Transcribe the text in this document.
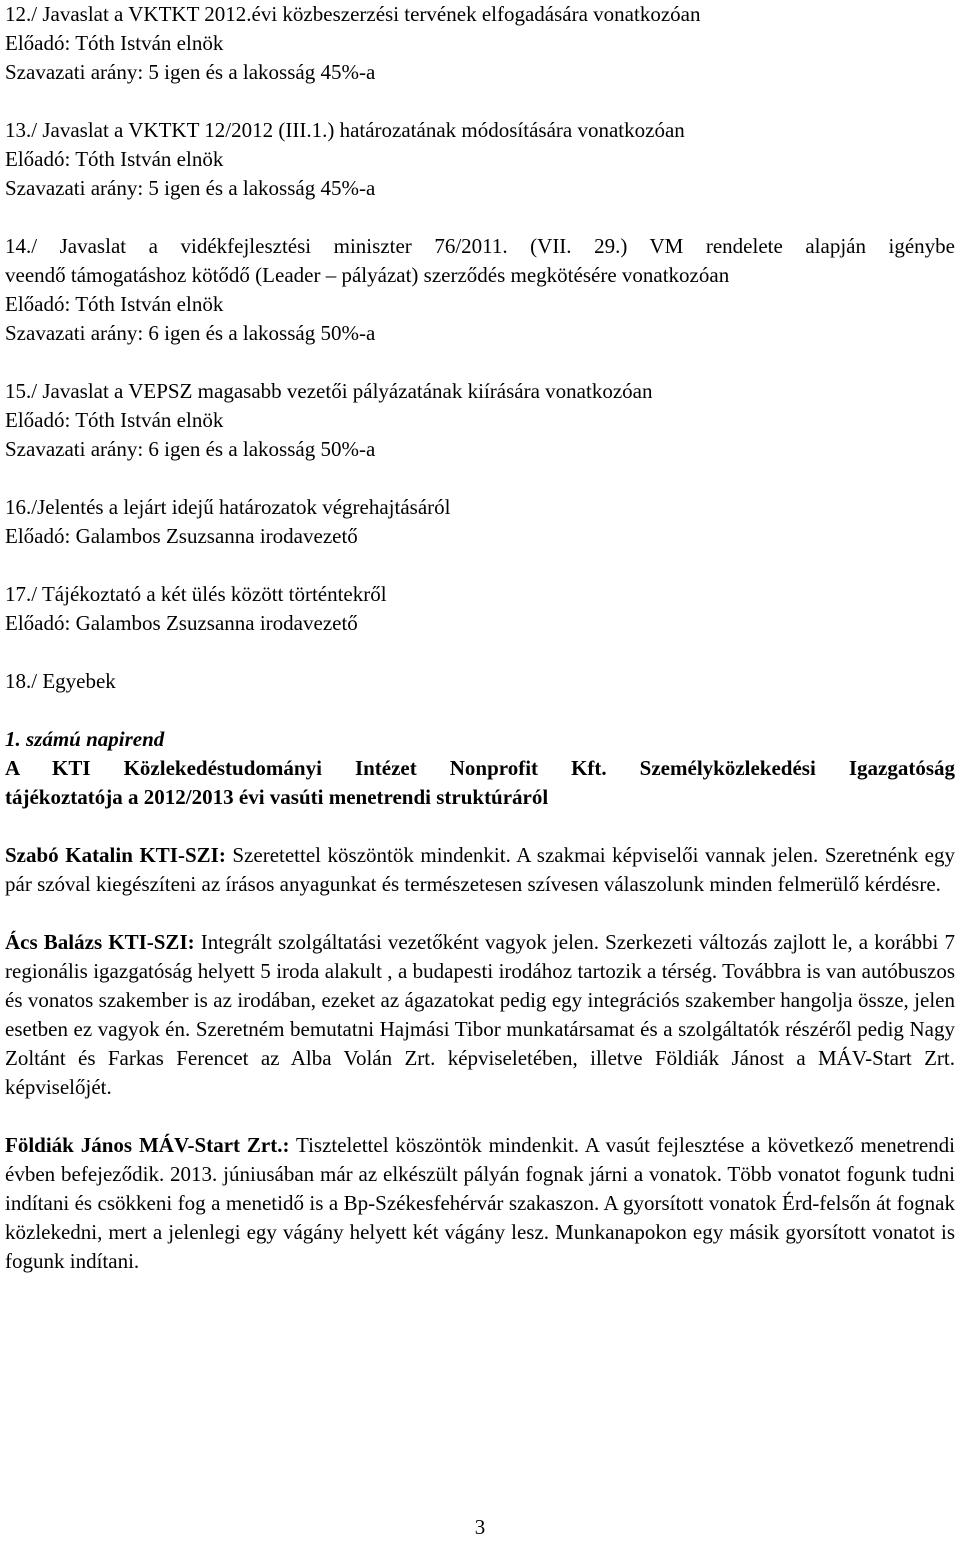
12./ Javaslat a VKTKT 2012.évi közbeszerzési tervének elfogadására vonatkozóan
Előadó: Tóth István elnök
Szavazati arány: 5 igen és a lakosság 45%-a
13./ Javaslat a VKTKT 12/2012 (III.1.) határozatának módosítására vonatkozóan
Előadó: Tóth István elnök
Szavazati arány: 5 igen és a lakosság 45%-a
14./ Javaslat a vidékfejlesztési miniszter 76/2011. (VII. 29.) VM rendelete alapján igénybe
veendő támogatáshoz kötődő (Leader – pályázat) szerződés megkötésére vonatkozóan
Előadó: Tóth István elnök
Szavazati arány: 6 igen és a lakosság 50%-a
15./ Javaslat a VEPSZ magasabb vezetői pályázatának kiírására vonatkozóan
Előadó: Tóth István elnök
Szavazati arány: 6 igen és a lakosság 50%-a
16./Jelentés a lejárt idejű határozatok végrehajtásáról
Előadó: Galambos Zsuzsanna irodavezető
17./ Tájékoztató a két ülés között történtekről
Előadó: Galambos Zsuzsanna irodavezető
18./ Egyebek
1. számú napirend
A KTI Közlekedéstudományi Intézet Nonprofit Kft. Személyközlekedési Igazgatóság
tájékoztatója a 2012/2013 évi vasúti menetrendi struktúráról

Szabó Katalin KTI-SZI: Szeretettel köszöntök mindenkit. A szakmai képviselői vannak jelen. Szeretnénk egy pár szóval kiegészíteni az írásos anyagunkat és természetesen szívesen válaszolunk minden felmerülő kérdésre.

Ács Balázs KTI-SZI: Integrált szolgáltatási vezetőként vagyok jelen. Szerkezeti változás zajlott le, a korábbi 7 regionális igazgatóság helyett 5 iroda alakult , a budapesti irodához tartozik a térség. Továbbra is van autóbuszos és vonatos szakember is az irodában, ezeket az ágazatokat pedig egy integrációs szakember hangolja össze, jelen esetben ez vagyok én. Szeretném bemutatni Hajmási Tibor munkatársamat és a szolgáltatók részéről pedig Nagy Zoltánt és Farkas Ferencet az Alba Volán Zrt. képviseletében, illetve Földiák Jánost a MÁV-Start Zrt. képviselőjét.

Földiák János MÁV-Start Zrt.: Tisztelettel köszöntök mindenkit. A vasút fejlesztése a következő menetrendi évben befejeződik. 2013. júniusában már az elkészült pályán fognak járni a vonatok. Több vonatot fogunk tudni indítani és csökkeni fog a menetidő is a Bp-Székesfehérvár szakaszon. A gyorsított vonatok Érd-felsőn át fognak közlekedni, mert a jelenlegi egy vágány helyett két vágány lesz. Munkanapokon egy másik gyorsított vonatot is fogunk indítani.

3
